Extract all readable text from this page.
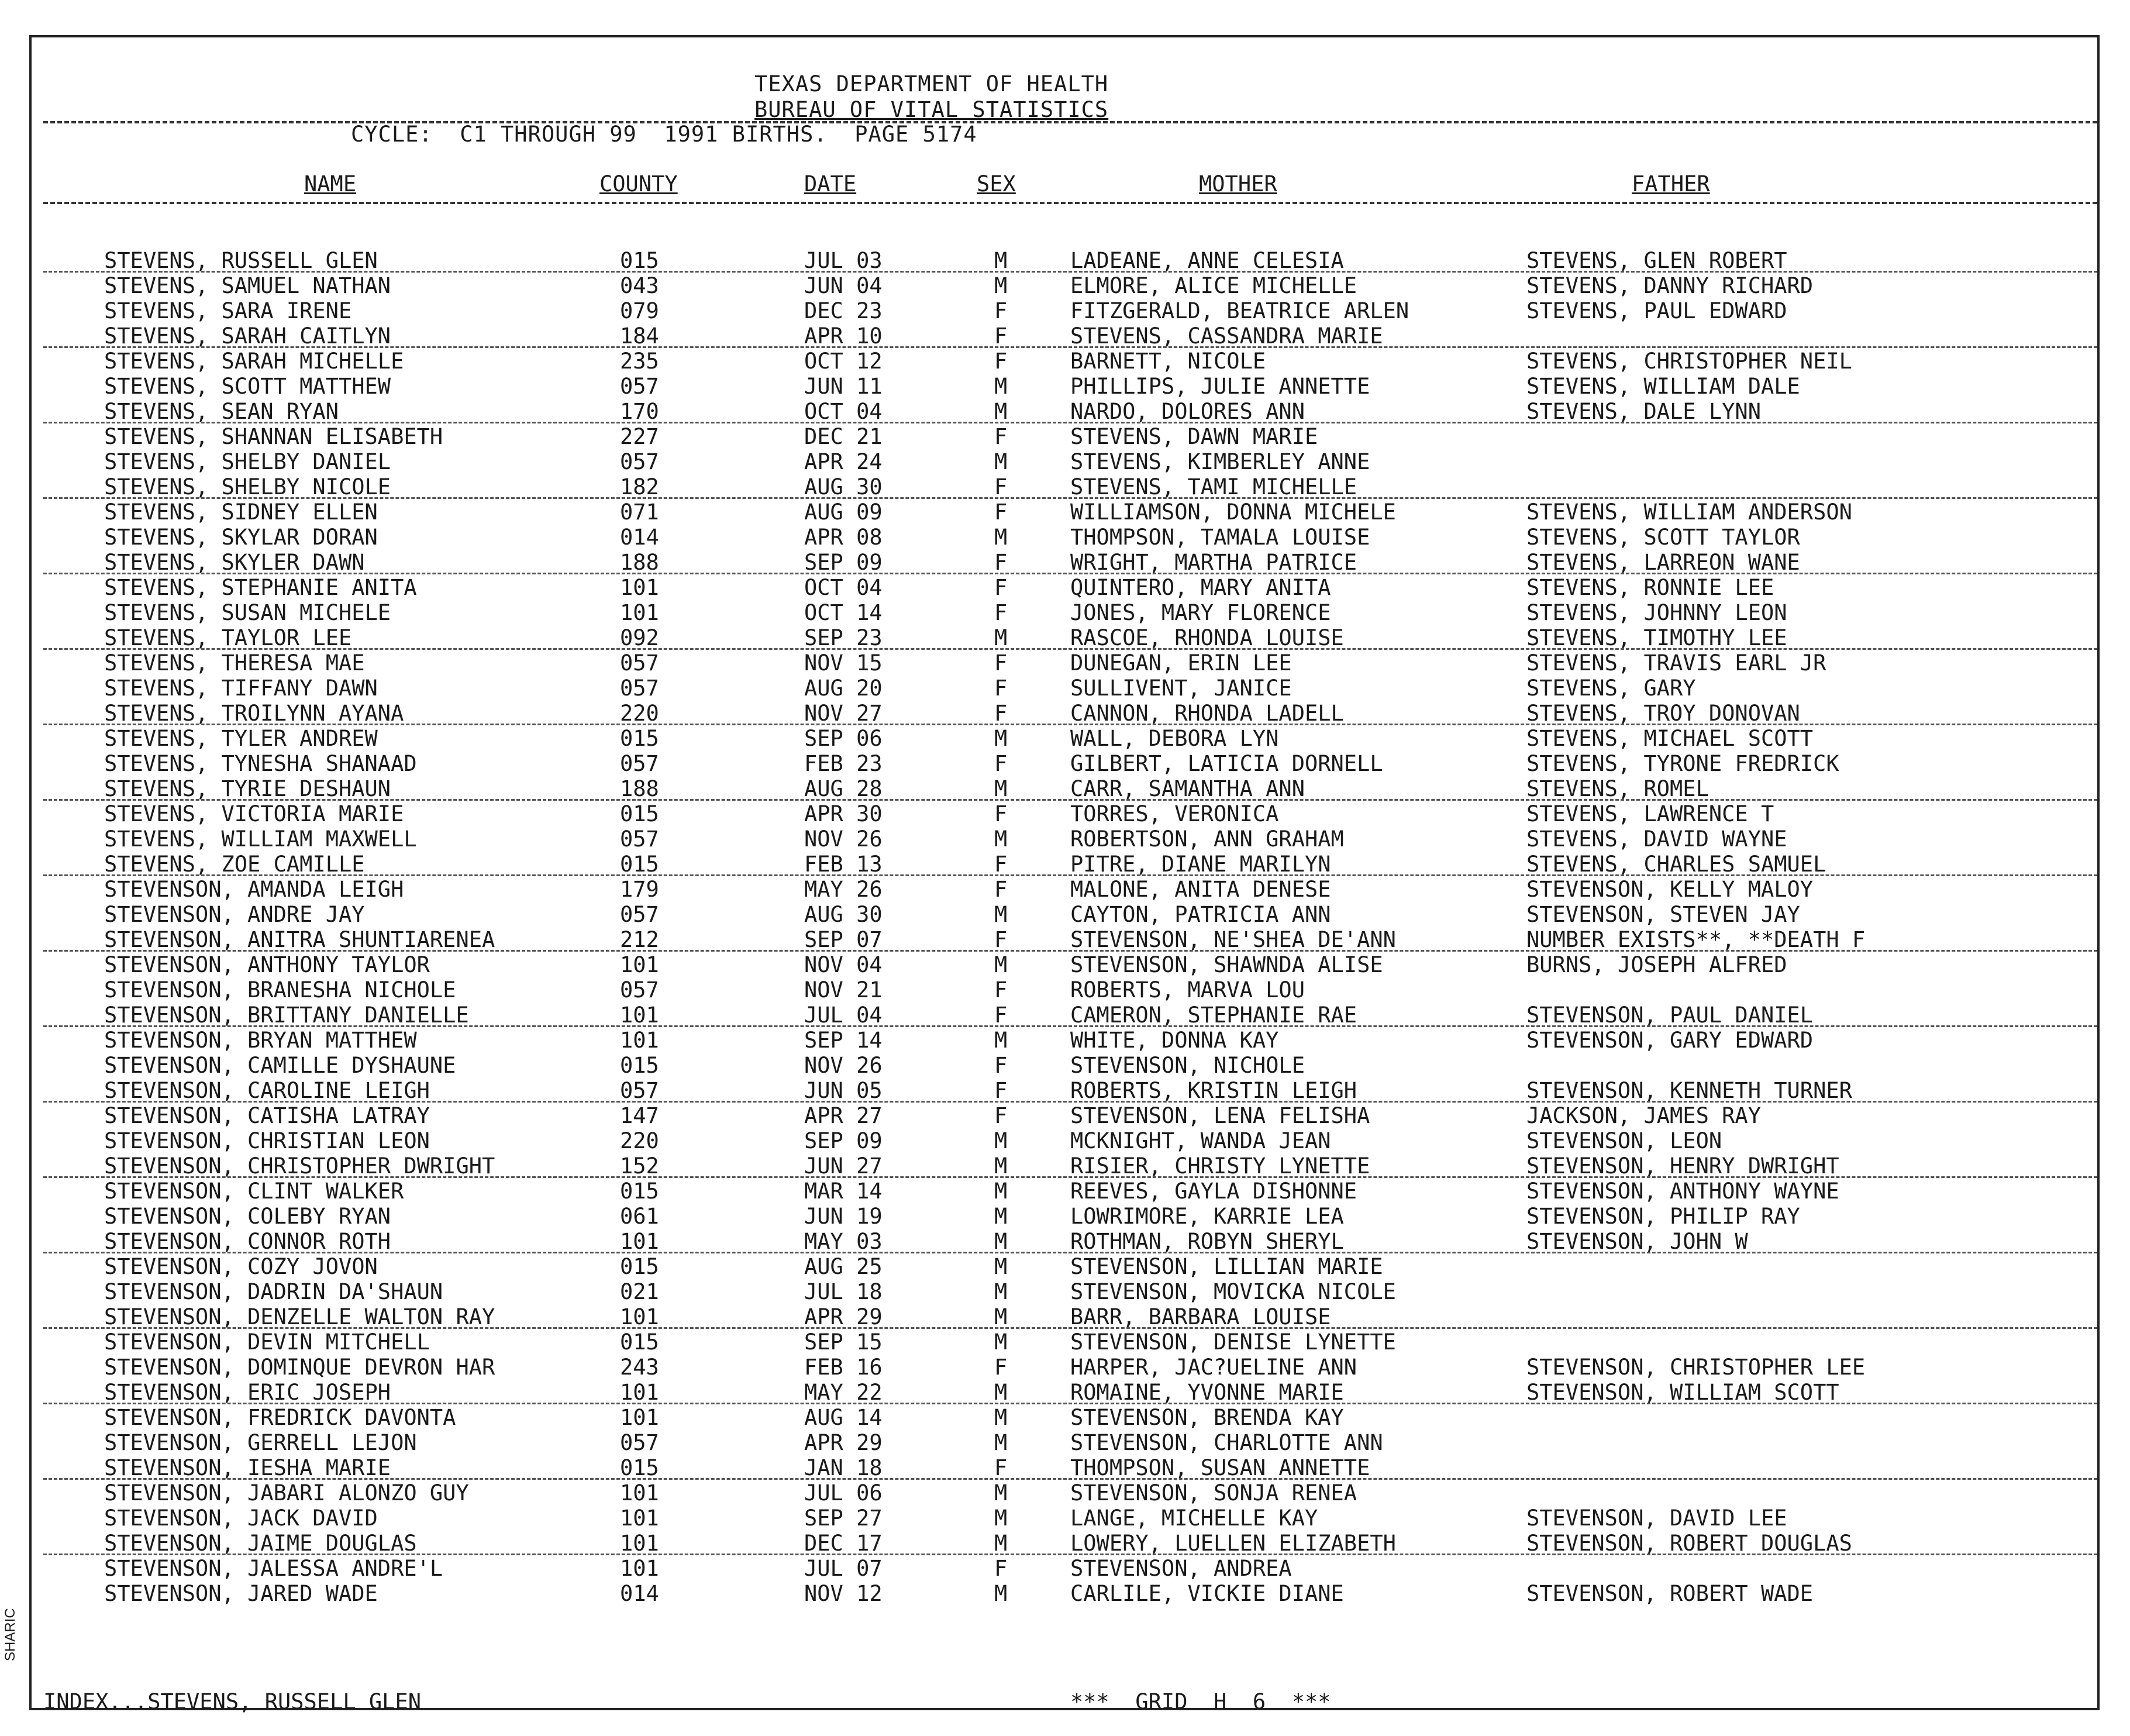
TEXAS DEPARTMENT OF HEALTH
BUREAU OF VITAL STATISTICS
CYCLE:  C1 THROUGH 99  1991 BIRTHS.  PAGE 5174
NAME	COUNTY	DATE	SEX	MOTHER	FATHER
STEVENS, RUSSELL GLEN	015	JUL 03	M	LADEANE, ANNE CELESIA	STEVENS, GLEN ROBERT
STEVENS, SAMUEL NATHAN	043	JUN 04	M	ELMORE, ALICE MICHELLE	STEVENS, DANNY RICHARD
STEVENS, SARA IRENE	079	DEC 23	F	FITZGERALD, BEATRICE ARLEN	STEVENS, PAUL EDWARD
STEVENS, SARAH CAITLYN	184	APR 10	F	STEVENS, CASSANDRA MARIE
STEVENS, SARAH MICHELLE	235	OCT 12	F	BARNETT, NICOLE	STEVENS, CHRISTOPHER NEIL
STEVENS, SCOTT MATTHEW	057	JUN 11	M	PHILLIPS, JULIE ANNETTE	STEVENS, WILLIAM DALE
STEVENS, SEAN RYAN	170	OCT 04	M	NARDO, DOLORES ANN	STEVENS, DALE LYNN
STEVENS, SHANNAN ELISABETH	227	DEC 21	F	STEVENS, DAWN MARIE
STEVENS, SHELBY DANIEL	057	APR 24	M	STEVENS, KIMBERLEY ANNE
STEVENS, SHELBY NICOLE	182	AUG 30	F	STEVENS, TAMI MICHELLE
STEVENS, SIDNEY ELLEN	071	AUG 09	F	WILLIAMSON, DONNA MICHELE	STEVENS, WILLIAM ANDERSON
STEVENS, SKYLAR DORAN	014	APR 08	M	THOMPSON, TAMALA LOUISE	STEVENS, SCOTT TAYLOR
STEVENS, SKYLER DAWN	188	SEP 09	F	WRIGHT, MARTHA PATRICE	STEVENS, LARREON WANE
STEVENS, STEPHANIE ANITA	101	OCT 04	F	QUINTERO, MARY ANITA	STEVENS, RONNIE LEE
STEVENS, SUSAN MICHELE	101	OCT 14	F	JONES, MARY FLORENCE	STEVENS, JOHNNY LEON
STEVENS, TAYLOR LEE	092	SEP 23	M	RASCOE, RHONDA LOUISE	STEVENS, TIMOTHY LEE
STEVENS, THERESA MAE	057	NOV 15	F	DUNEGAN, ERIN LEE	STEVENS, TRAVIS EARL JR
STEVENS, TIFFANY DAWN	057	AUG 20	F	SULLIVENT, JANICE	STEVENS, GARY
STEVENS, TROILYNN AYANA	220	NOV 27	F	CANNON, RHONDA LADELL	STEVENS, TROY DONOVAN
STEVENS, TYLER ANDREW	015	SEP 06	M	WALL, DEBORA LYN	STEVENS, MICHAEL SCOTT
STEVENS, TYNESHA SHANAAD	057	FEB 23	F	GILBERT, LATICIA DORNELL	STEVENS, TYRONE FREDRICK
STEVENS, TYRIE DESHAUN	188	AUG 28	M	CARR, SAMANTHA ANN	STEVENS, ROMEL
STEVENS, VICTORIA MARIE	015	APR 30	F	TORRES, VERONICA	STEVENS, LAWRENCE T
STEVENS, WILLIAM MAXWELL	057	NOV 26	M	ROBERTSON, ANN GRAHAM	STEVENS, DAVID WAYNE
STEVENS, ZOE CAMILLE	015	FEB 13	F	PITRE, DIANE MARILYN	STEVENS, CHARLES SAMUEL
STEVENSON, AMANDA LEIGH	179	MAY 26	F	MALONE, ANITA DENESE	STEVENSON, KELLY MALOY
STEVENSON, ANDRE JAY	057	AUG 30	M	CAYTON, PATRICIA ANN	STEVENSON, STEVEN JAY
STEVENSON, ANITRA SHUNTIARENEA	212	SEP 07	F	STEVENSON, NE'SHEA DE'ANN	NUMBER EXISTS**, **DEATH F
STEVENSON, ANTHONY TAYLOR	101	NOV 04	M	STEVENSON, SHAWNDA ALISE	BURNS, JOSEPH ALFRED
STEVENSON, BRANESHA NICHOLE	057	NOV 21	F	ROBERTS, MARVA LOU
STEVENSON, BRITTANY DANIELLE	101	JUL 04	F	CAMERON, STEPHANIE RAE	STEVENSON, PAUL DANIEL
STEVENSON, BRYAN MATTHEW	101	SEP 14	M	WHITE, DONNA KAY	STEVENSON, GARY EDWARD
STEVENSON, CAMILLE DYSHAUNE	015	NOV 26	F	STEVENSON, NICHOLE
STEVENSON, CAROLINE LEIGH	057	JUN 05	F	ROBERTS, KRISTIN LEIGH	STEVENSON, KENNETH TURNER
STEVENSON, CATISHA LATRAY	147	APR 27	F	STEVENSON, LENA FELISHA	JACKSON, JAMES RAY
STEVENSON, CHRISTIAN LEON	220	SEP 09	M	MCKNIGHT, WANDA JEAN	STEVENSON, LEON
STEVENSON, CHRISTOPHER DWRIGHT	152	JUN 27	M	RISIER, CHRISTY LYNETTE	STEVENSON, HENRY DWRIGHT
STEVENSON, CLINT WALKER	015	MAR 14	M	REEVES, GAYLA DISHONNE	STEVENSON, ANTHONY WAYNE
STEVENSON, COLEBY RYAN	061	JUN 19	M	LOWRIMORE, KARRIE LEA	STEVENSON, PHILIP RAY
STEVENSON, CONNOR ROTH	101	MAY 03	M	ROTHMAN, ROBYN SHERYL	STEVENSON, JOHN W
STEVENSON, COZY JOVON	015	AUG 25	M	STEVENSON, LILLIAN MARIE
STEVENSON, DADRIN DA'SHAUN	021	JUL 18	M	STEVENSON, MOVICKA NICOLE
STEVENSON, DENZELLE WALTON RAY	101	APR 29	M	BARR, BARBARA LOUISE
STEVENSON, DEVIN MITCHELL	015	SEP 15	M	STEVENSON, DENISE LYNETTE
STEVENSON, DOMINQUE DEVRON HAR	243	FEB 16	F	HARPER, JAC?UELINE ANN	STEVENSON, CHRISTOPHER LEE
STEVENSON, ERIC JOSEPH	101	MAY 22	M	ROMAINE, YVONNE MARIE	STEVENSON, WILLIAM SCOTT
STEVENSON, FREDRICK DAVONTA	101	AUG 14	M	STEVENSON, BRENDA KAY
STEVENSON, GERRELL LEJON	057	APR 29	M	STEVENSON, CHARLOTTE ANN
STEVENSON, IESHA MARIE	015	JAN 18	F	THOMPSON, SUSAN ANNETTE
STEVENSON, JABARI ALONZO GUY	101	JUL 06	M	STEVENSON, SONJA RENEA
STEVENSON, JACK DAVID	101	SEP 27	M	LANGE, MICHELLE KAY	STEVENSON, DAVID LEE
STEVENSON, JAIME DOUGLAS	101	DEC 17	M	LOWERY, LUELLEN ELIZABETH	STEVENSON, ROBERT DOUGLAS
STEVENSON, JALESSA ANDRE'L	101	JUL 07	F	STEVENSON, ANDREA
STEVENSON, JARED WADE	014	NOV 12	M	CARLILE, VICKIE DIANE	STEVENSON, ROBERT WADE
INDEX...STEVENS, RUSSELL GLEN	***  GRID  H  6  ***
SHARIC
